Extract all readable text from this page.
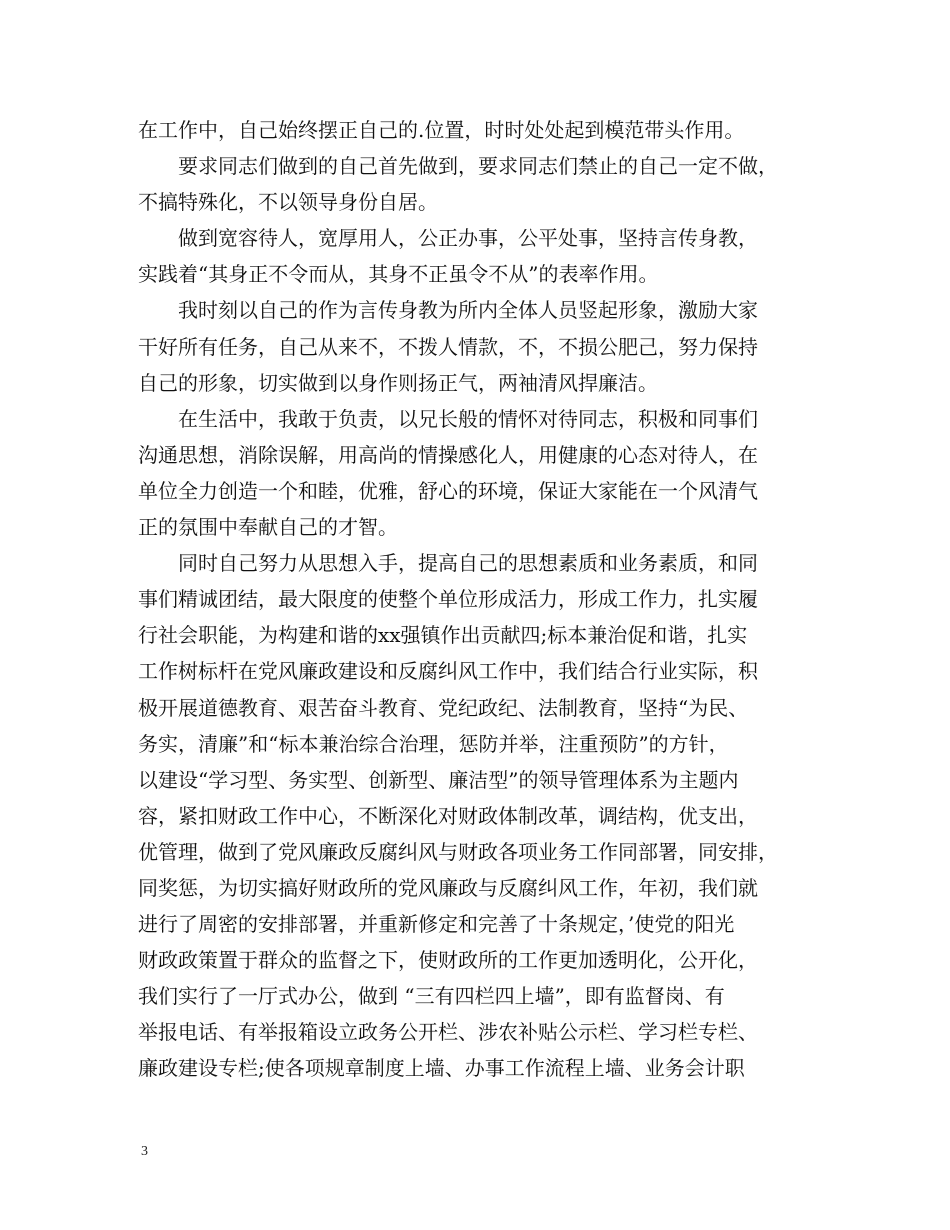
在工作中，自己始终摆正自己的.位置，时时处处起到模范带头作用。
　　要求同志们做到的自己首先做到，要求同志们禁止的自己一定不做，
不搞特殊化，不以领导身份自居。
　　做到宽容待人，宽厚用人，公正办事，公平处事，坚持言传身教，
实践着“其身正不令而从，其身不正虽令不从”的表率作用。
　　我时刻以自己的作为言传身教为所内全体人员竖起形象，激励大家
干好所有任务，自己从来不，不拨人情款，不，不损公肥己，努力保持
自己的形象，切实做到以身作则扬正气，两袖清风捍廉洁。
　　在生活中，我敢于负责，以兄长般的情怀对待同志，积极和同事们
沟通思想，消除误解，用高尚的情操感化人，用健康的心态对待人，在
单位全力创造一个和睦，优雅，舒心的环境，保证大家能在一个风清气
正的氛围中奉献自己的才智。
　　同时自己努力从思想入手，提高自己的思想素质和业务素质，和同
事们精诚团结，最大限度的使整个单位形成活力，形成工作力，扎实履
行社会职能，为构建和谐的xx强镇作出贡献四;标本兼治促和谐，扎实
工作树标杆在党风廉政建设和反腐纠风工作中，我们结合行业实际，积
极开展道德教育、艰苦奋斗教育、党纪政纪、法制教育，坚持“为民、
务实，清廉”和“标本兼治综合治理，惩防并举，注重预防”的方针，
以建设“学习型、务实型、创新型、廉洁型”的领导管理体系为主题内
容，紧扣财政工作中心，不断深化对财政体制改革，调结构，优支出，
优管理，做到了党风廉政反腐纠风与财政各项业务工作同部署，同安排，
同奖惩，为切实搞好财政所的党风廉政与反腐纠风工作，年初，我们就
进行了周密的安排部署，并重新修定和完善了十条规定，’使党的阳光
财政政策置于群众的监督之下，使财政所的工作更加透明化，公开化，
我们实行了一厅式办公，做到 “三有四栏四上墙”，即有监督岗、有
举报电话、有举报箱设立政务公开栏、涉农补贴公示栏、学习栏专栏、
廉政建设专栏;使各项规章制度上墙、办事工作流程上墙、业务会计职
3
